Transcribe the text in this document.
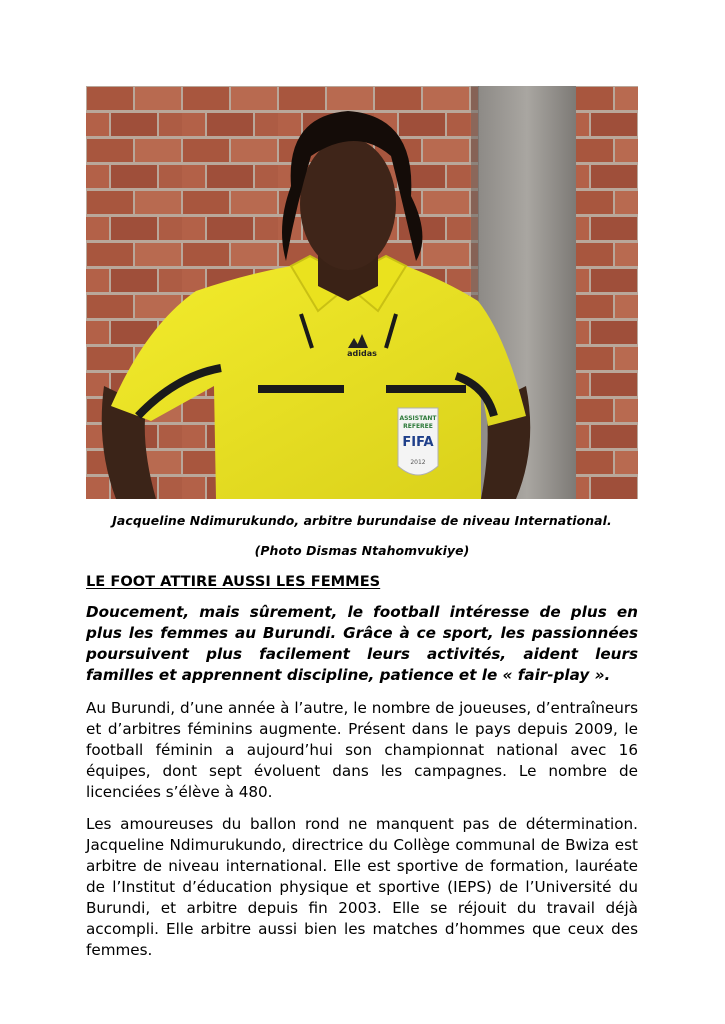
ASSISTANT
REFEREE
FIFA
2012
adidas
Jacqueline Ndimurukundo, arbitre burundaise de niveau International.
(Photo Dismas Ntahomvukiye)
LE FOOT ATTIRE AUSSI LES FEMMES

Doucement, mais sûrement, le football intéresse de plus en plus les femmes au Burundi. Grâce à ce sport, les passionnées poursuivent plus facilement leurs activités, aident leurs familles et apprennent discipline, patience et le « fair-play ».

Au Burundi, d’une année à l’autre, le nombre de joueuses, d’entraîneurs et d’arbitres féminins augmente. Présent dans le pays depuis 2009, le football féminin a aujourd’hui son championnat national avec 16 équipes, dont sept évoluent dans les campagnes. Le nombre de licenciées s’élève à 480.

Les amoureuses du ballon rond ne manquent pas de détermination. Jacqueline Ndimurukundo, directrice du Collège communal de Bwiza est arbitre de niveau international. Elle est sportive de formation, lauréate de l’Institut d’éducation physique et sportive (IEPS) de l’Université du Burundi, et arbitre depuis fin 2003. Elle se réjouit du travail déjà accompli. Elle arbitre aussi bien les matches d’hommes que ceux des femmes.
